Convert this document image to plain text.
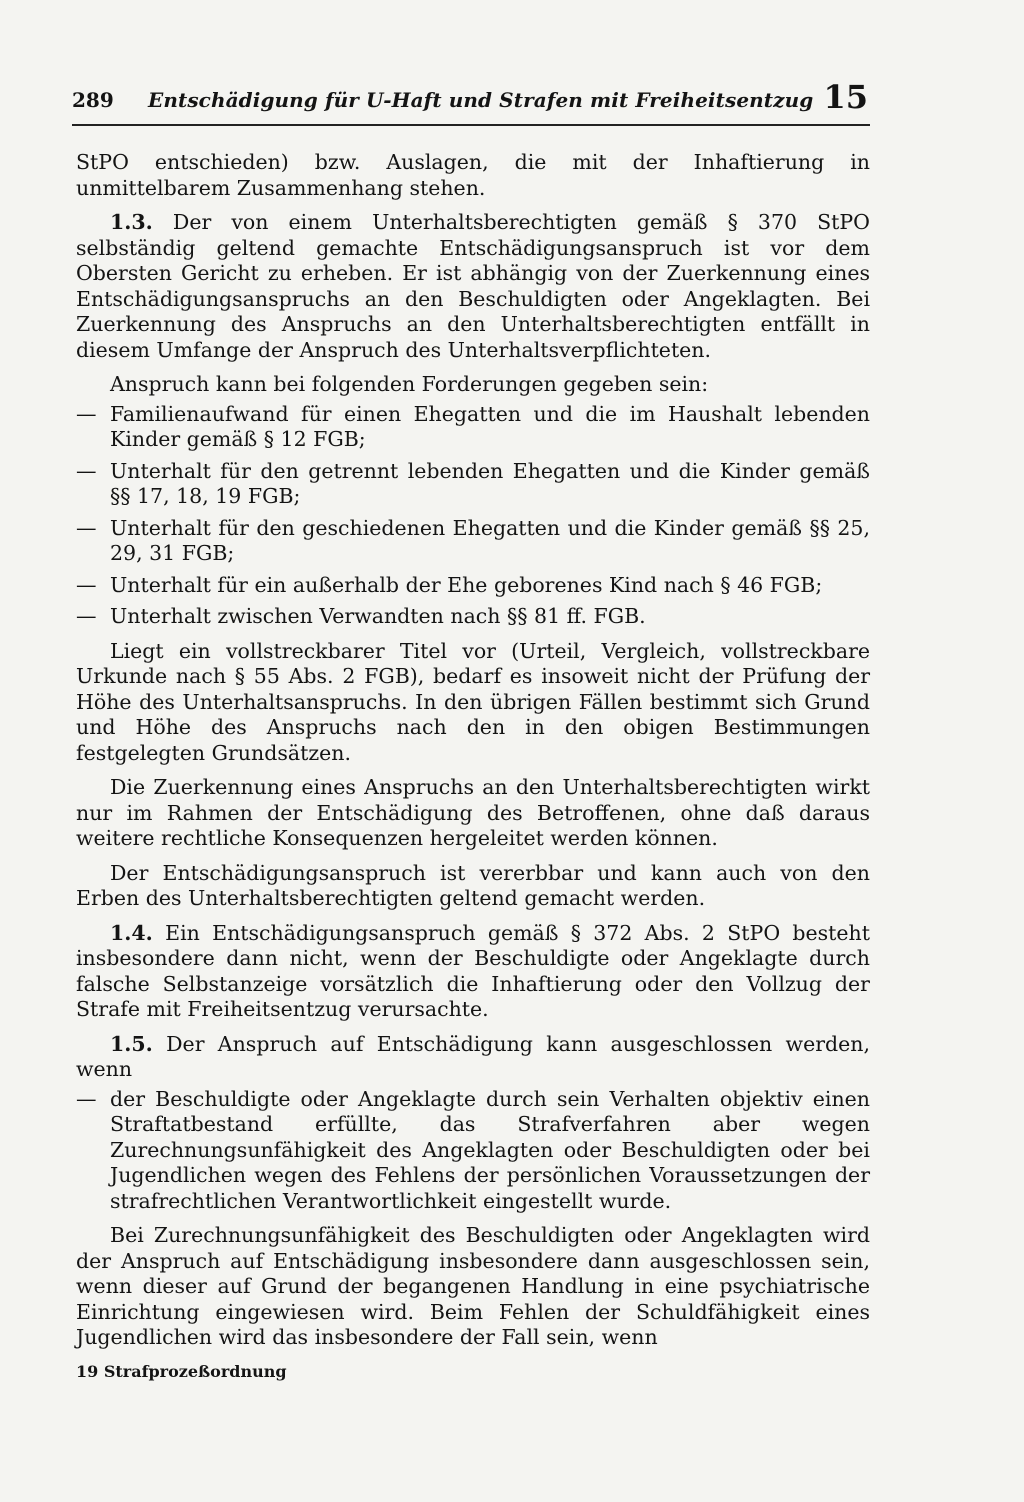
289 Entschädigung für U-Haft und Strafen mit Freiheitsentzug 15

StPO entschieden) bzw. Auslagen, die mit der Inhaftierung in unmittelbarem Zusammenhang stehen.

1.3. Der von einem Unterhaltsberechtigten gemäß § 370 StPO selbständig geltend gemachte Entschädigungsanspruch ist vor dem Obersten Gericht zu erheben. Er ist abhängig von der Zuerkennung eines Entschädigungsanspruchs an den Beschuldigten oder Angeklagten. Bei Zuerkennung des Anspruchs an den Unterhaltsberechtigten entfällt in diesem Umfange der Anspruch des Unterhaltsverpflichteten.

Anspruch kann bei folgenden Forderungen gegeben sein:

— Familienaufwand für einen Ehegatten und die im Haushalt lebenden Kinder gemäß § 12 FGB;
— Unterhalt für den getrennt lebenden Ehegatten und die Kinder gemäß §§ 17, 18, 19 FGB;
— Unterhalt für den geschiedenen Ehegatten und die Kinder gemäß §§ 25, 29, 31 FGB;
— Unterhalt für ein außerhalb der Ehe geborenes Kind nach § 46 FGB;
— Unterhalt zwischen Verwandten nach §§ 81 ff. FGB.

Liegt ein vollstreckbarer Titel vor (Urteil, Vergleich, vollstreckbare Urkunde nach § 55 Abs. 2 FGB), bedarf es insoweit nicht der Prüfung der Höhe des Unterhaltsanspruchs. In den übrigen Fällen bestimmt sich Grund und Höhe des Anspruchs nach den in den obigen Bestimmungen festgelegten Grundsätzen.

Die Zuerkennung eines Anspruchs an den Unterhaltsberechtigten wirkt nur im Rahmen der Entschädigung des Betroffenen, ohne daß daraus weitere rechtliche Konsequenzen hergeleitet werden können.

Der Entschädigungsanspruch ist vererbbar und kann auch von den Erben des Unterhaltsberechtigten geltend gemacht werden.

1.4. Ein Entschädigungsanspruch gemäß § 372 Abs. 2 StPO besteht insbesondere dann nicht, wenn der Beschuldigte oder Angeklagte durch falsche Selbstanzeige vorsätzlich die Inhaftierung oder den Vollzug der Strafe mit Freiheitsentzug verursachte.

1.5. Der Anspruch auf Entschädigung kann ausgeschlossen werden, wenn

— der Beschuldigte oder Angeklagte durch sein Verhalten objektiv einen Straftatbestand erfüllte, das Strafverfahren aber wegen Zurechnungsunfähigkeit des Angeklagten oder Beschuldigten oder bei Jugendlichen wegen des Fehlens der persönlichen Voraussetzungen der strafrechtlichen Verantwortlichkeit eingestellt wurde.

Bei Zurechnungsunfähigkeit des Beschuldigten oder Angeklagten wird der Anspruch auf Entschädigung insbesondere dann ausgeschlossen sein, wenn dieser auf Grund der begangenen Handlung in eine psychiatrische Einrichtung eingewiesen wird. Beim Fehlen der Schuldfähigkeit eines Jugendlichen wird das insbesondere der Fall sein, wenn

19 Strafprozeßordnung
